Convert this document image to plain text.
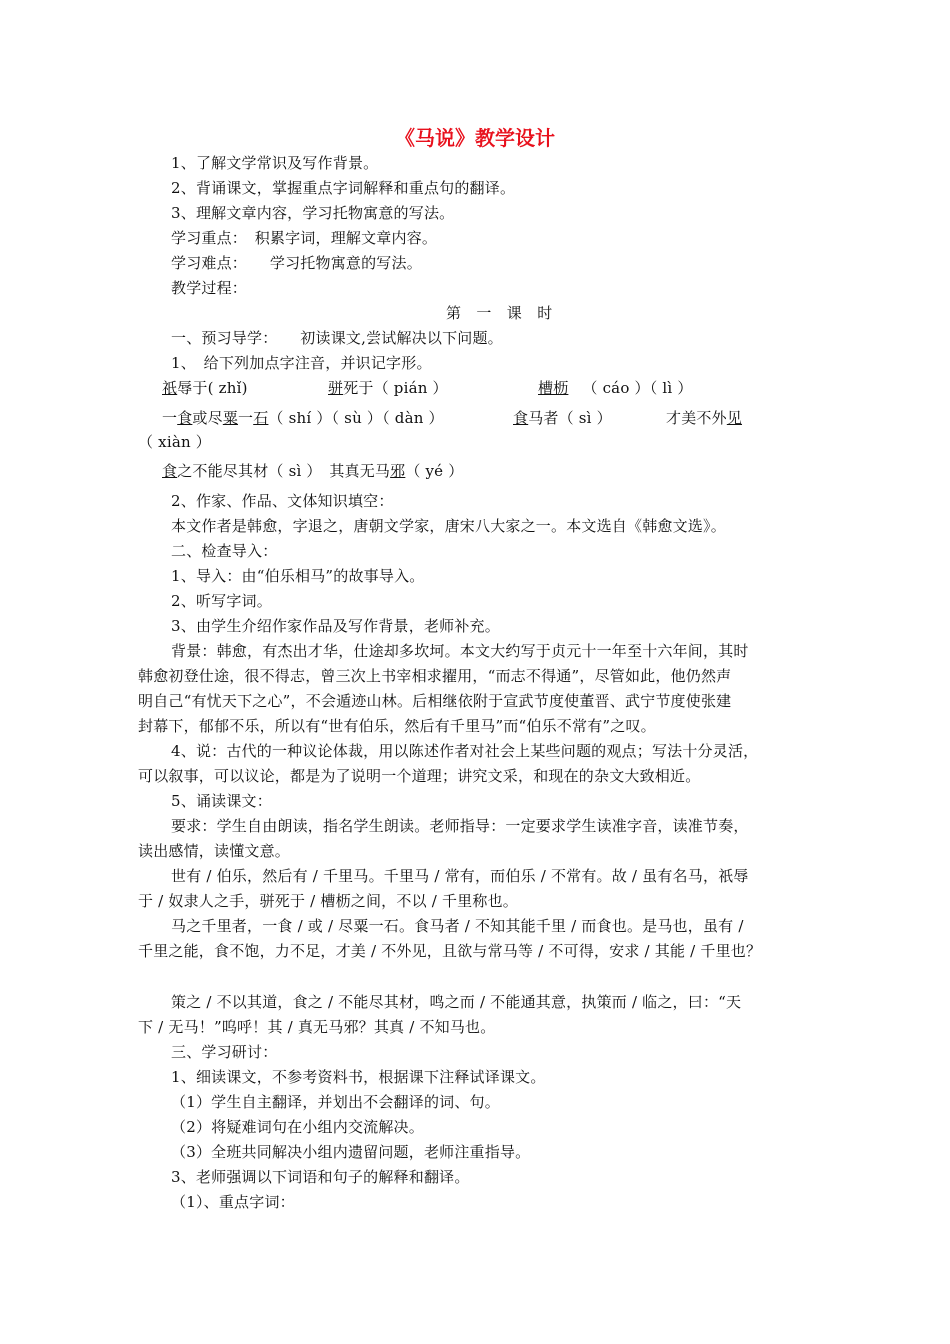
《马说》教学设计
1、了解文学常识及写作背景。
2、背诵课文，掌握重点字词解释和重点句的翻译。
3、理解文章内容，学习托物寓意的写法。
学习重点：　积累字词，理解文章内容。
学习难点：　　学习托物寓意的写法。
教学过程：
第　一　课　时
一、预习导学：　　初读课文,尝试解决以下问题。
1、　给下列加点字注音，并识记字形。
祇辱于( zhǐ)	骈死于（ pián ）	槽枥 （ cáo ）（ lì ）
一食或尽粟一石（ shí ）（ sù ）（ dàn ）	食马者（ sì ）	才美不外见
（ xiàn ）
食之不能尽其材（ sì ）　其真无马邪（ yé ）
2、作家、作品、文体知识填空：
本文作者是韩愈，字退之，唐朝文学家，唐宋八大家之一。本文选自《韩愈文选》。
二、检查导入：
1、导入：由“伯乐相马”的故事导入。
2、听写字词。
3、由学生介绍作家作品及写作背景，老师补充。
背景：韩愈，有杰出才华，仕途却多坎坷。本文大约写于贞元十一年至十六年间，其时
韩愈初登仕途，很不得志，曾三次上书宰相求擢用，“而志不得通”，尽管如此，他仍然声
明自己“有忧天下之心”，不会遁迹山林。后相继依附于宣武节度使董晋、武宁节度使张建
封幕下，郁郁不乐，所以有“世有伯乐，然后有千里马”而“伯乐不常有”之叹。
4、说：古代的一种议论体裁，用以陈述作者对社会上某些问题的观点；写法十分灵活，
可以叙事，可以议论，都是为了说明一个道理；讲究文采，和现在的杂文大致相近。
5、诵读课文：
要求：学生自由朗读，指名学生朗读。老师指导：一定要求学生读准字音，读准节奏，
读出感情，读懂文意。
世有 / 伯乐，然后有 / 千里马。千里马 / 常有，而伯乐 / 不常有。故 / 虽有名马，祇辱
于 / 奴隶人之手，骈死于 / 槽枥之间，不以 / 千里称也。
马之千里者，一食 / 或 / 尽粟一石。食马者 / 不知其能千里 / 而食也。是马也，虽有 /
千里之能，食不饱，力不足，才美 / 不外见，且欲与常马等 / 不可得，安求 / 其能 / 千里也？
策之 / 不以其道，食之 / 不能尽其材，鸣之而 / 不能通其意，执策而 / 临之，曰：“天
下 / 无马！”呜呼！其 / 真无马邪？其真 / 不知马也。
三、学习研讨：
1、细读课文，不参考资料书，根据课下注释试译课文。
（1）学生自主翻译，并划出不会翻译的词、句。
（2）将疑难词句在小组内交流解决。
（3）全班共同解决小组内遗留问题，老师注重指导。
3、老师强调以下词语和句子的解释和翻译。
（1）、重点字词：
